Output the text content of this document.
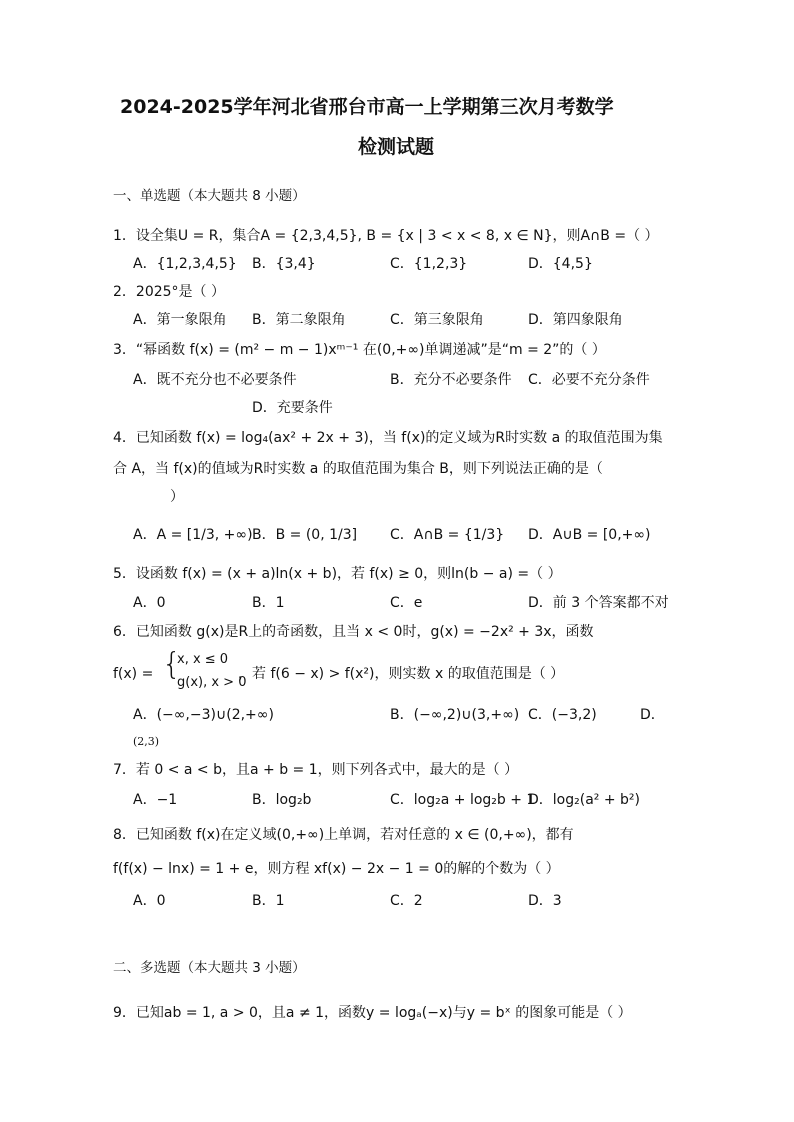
2024-2025学年河北省邢台市高一上学期第三次月考数学
检测试题
一、单选题（本大题共 8 小题）
1．设全集U = R，集合A = {2,3,4,5}, B = {x | 3 < x < 8, x ∈ N}，则A∩B =（ ）
A．{1,2,3,4,5} B．{3,4}	C．{1,2,3}	D．{4,5}
2．2025°是（ ）
A．第一象限角 B．第二象限角	C．第三象限角	D．第四象限角
3．“幂函数 f(x) = (m² − m − 1)xᵐ⁻¹ 在(0,+∞)单调递减”是“m = 2”的（ ）
A．既不充分也不必要条件	B．充分不必要条件 C．必要不充分条件
D．充要条件
4．已知函数 f(x) = log₄(ax² + 2x + 3)，当 f(x)的定义域为R时实数 a 的取值范围为集
合 A，当 f(x)的值域为R时实数 a 的取值范围为集合 B，则下列说法正确的是（
）
A．A = [1/3, +∞) B．B = (0, 1/3] C．A∩B = {1/3} D．A∪B = [0,+∞)
5．设函数 f(x) = (x + a)ln(x + b)，若 f(x) ≥ 0，则ln(b − a) =（ ）
A．0	B．1	C．e	D．前 3 个答案都不对
6．已知函数 g(x)是R上的奇函数，且当 x < 0时，g(x) = −2x² + 3x，函数
f(x) = {
x, x ≤ 0
g(x), x > 0
，若 f(6 − x) > f(x²)，则实数 x 的取值范围是（ ）
A．(−∞,−3)∪(2,+∞)	B．(−∞,2)∪(3,+∞) C．(−3,2)	D．
(2,3)
7．若 0 < a < b，且a + b = 1，则下列各式中，最大的是（ ）
A．−1	B．log₂b	C．log₂a + log₂b + 1
D．log₂(a² + b²)
8．已知函数 f(x)在定义域(0,+∞)上单调，若对任意的 x ∈ (0,+∞)，都有
f(f(x) − lnx) = 1 + e，则方程 xf(x) − 2x − 1 = 0的解的个数为（ ）
A．0	B．1	C．2	D．3
二、多选题（本大题共 3 小题）
9．已知ab = 1, a > 0，且a ≠ 1，函数y = logₐ(−x)与y = bˣ 的图象可能是（ ）
